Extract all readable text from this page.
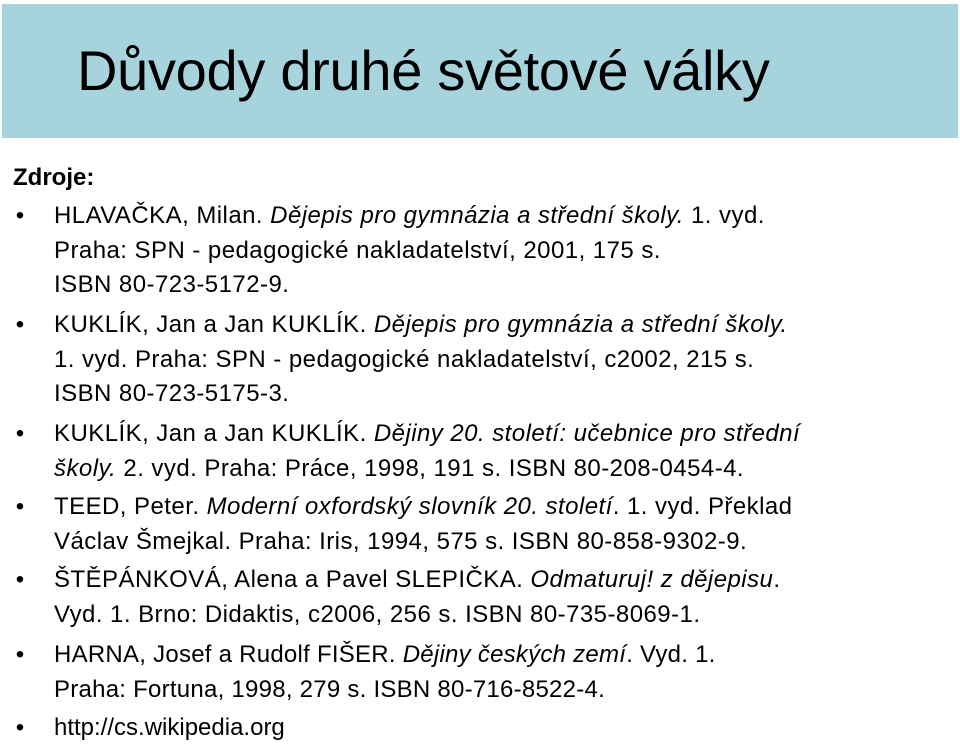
Důvody druhé světové války

Zdroje:

• HLAVAČKA, Milan. Dějepis pro gymnázia a střední školy. 1. vyd.
Praha: SPN - pedagogické nakladatelství, 2001, 175 s.
ISBN 80-723-5172-9.
• KUKLÍK, Jan a Jan KUKLÍK. Dějepis pro gymnázia a střední školy.
1. vyd. Praha: SPN - pedagogické nakladatelství, c2002, 215 s.
ISBN 80-723-5175-3.
• KUKLÍK, Jan a Jan KUKLÍK. Dějiny 20. století: učebnice pro střední
školy. 2. vyd. Praha: Práce, 1998, 191 s. ISBN 80-208-0454-4.
• TEED, Peter. Moderní oxfordský slovník 20. století. 1. vyd. Překlad
Václav Šmejkal. Praha: Iris, 1994, 575 s. ISBN 80-858-9302-9.
• ŠTĚPÁNKOVÁ, Alena a Pavel SLEPIČKA. Odmaturuj! z dějepisu.
Vyd. 1. Brno: Didaktis, c2006, 256 s. ISBN 80-735-8069-1.
• HARNA, Josef a Rudolf FIŠER. Dějiny českých zemí. Vyd. 1.
Praha: Fortuna, 1998, 279 s. ISBN 80-716-8522-4.
• http://cs.wikipedia.org
